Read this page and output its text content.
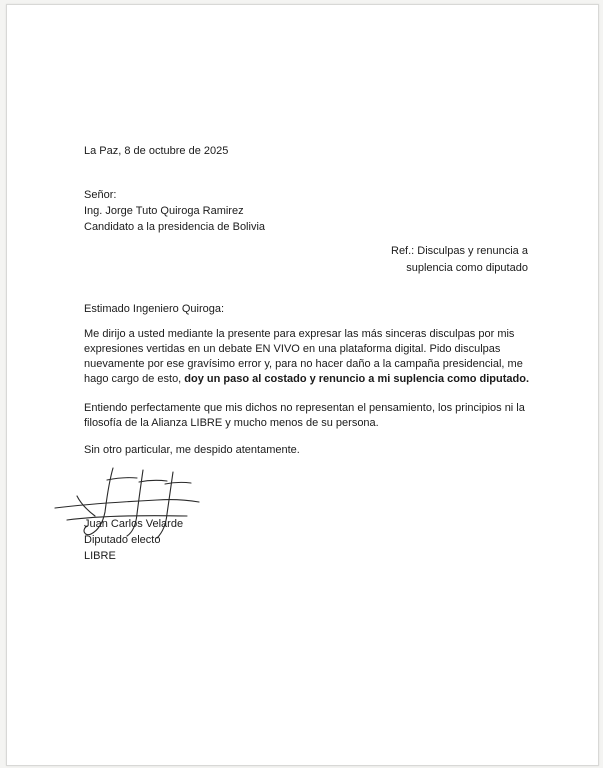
La Paz, 8 de octubre de 2025
Señor:
Ing. Jorge Tuto Quiroga Ramirez
Candidato a la presidencia de Bolivia
Ref.: Disculpas y renuncia a
suplencia como diputado
Estimado Ingeniero Quiroga:
Me dirijo a usted mediante la presente para expresar las más sinceras disculpas por mis
expresiones vertidas en un debate EN VIVO en una plataforma digital. Pido disculpas
nuevamente por ese gravísimo error y, para no hacer daño a la campaña presidencial, me
hago cargo de esto, doy un paso al costado y renuncio a mi suplencia como diputado.
Entiendo perfectamente que mis dichos no representan el pensamiento, los principios ni la
filosofía de la Alianza LIBRE y mucho menos de su persona.
Sin otro particular, me despido atentamente.
Juan Carlos Velarde
Diputado electo
LIBRE
